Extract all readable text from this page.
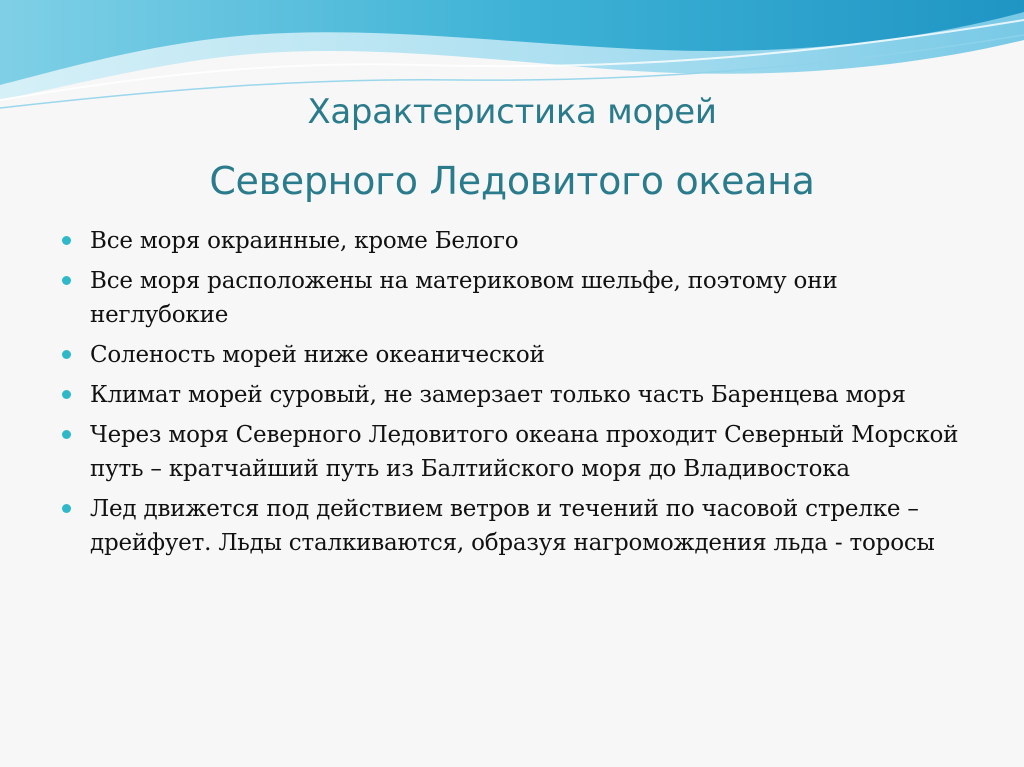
Характеристика морей
Северного Ледовитого океана
Все моря окраинные, кроме Белого
Все моря расположены на материковом шельфе, поэтому они неглубокие
Соленость морей ниже океанической
Климат морей суровый, не замерзает только часть Баренцева моря
Через моря Северного Ледовитого океана проходит Северный Морской путь – кратчайший путь из Балтийского моря до Владивостока
Лед движется под действием ветров и течений по часовой стрелке – дрейфует. Льды сталкиваются, образуя нагромождения льда - торосы
